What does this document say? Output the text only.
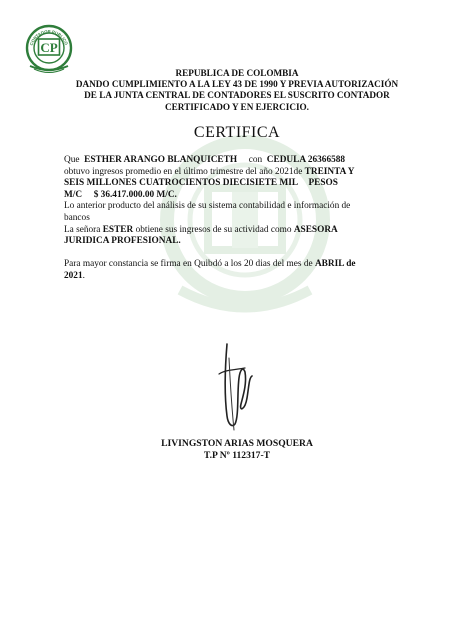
CONTADOR PUBLICO
CP
REPUBLICA DE COLOMBIA
DANDO CUMPLIMIENTO A LA LEY 43 DE 1990 Y PREVIA AUTORIZACIÓN
DE LA JUNTA CENTRAL DE CONTADORES EL SUSCRITO CONTADOR
CERTIFICADO Y EN EJERCICIO.
CERTIFICA
Que ESTHER ARANGO BLANQUICETH con CEDULA 26366588
obtuvo ingresos promedio en el último trimestre del año 2021de TREINTA Y
SEIS MILLONES CUATROCIENTOS DIECISIETE MIL PESOS
M/C $ 36.417.000.00 M/C.
Lo anterior producto del análisis de su sistema contabilidad e información de
bancos
La señora ESTER obtiene sus ingresos de su actividad como ASESORA
JURIDICA PROFESIONAL.
Para mayor constancia se firma en Quibdó a los 20 dias del mes de ABRIL de
2021.
LIVINGSTON ARIAS MOSQUERA
T.P Nº 112317-T
